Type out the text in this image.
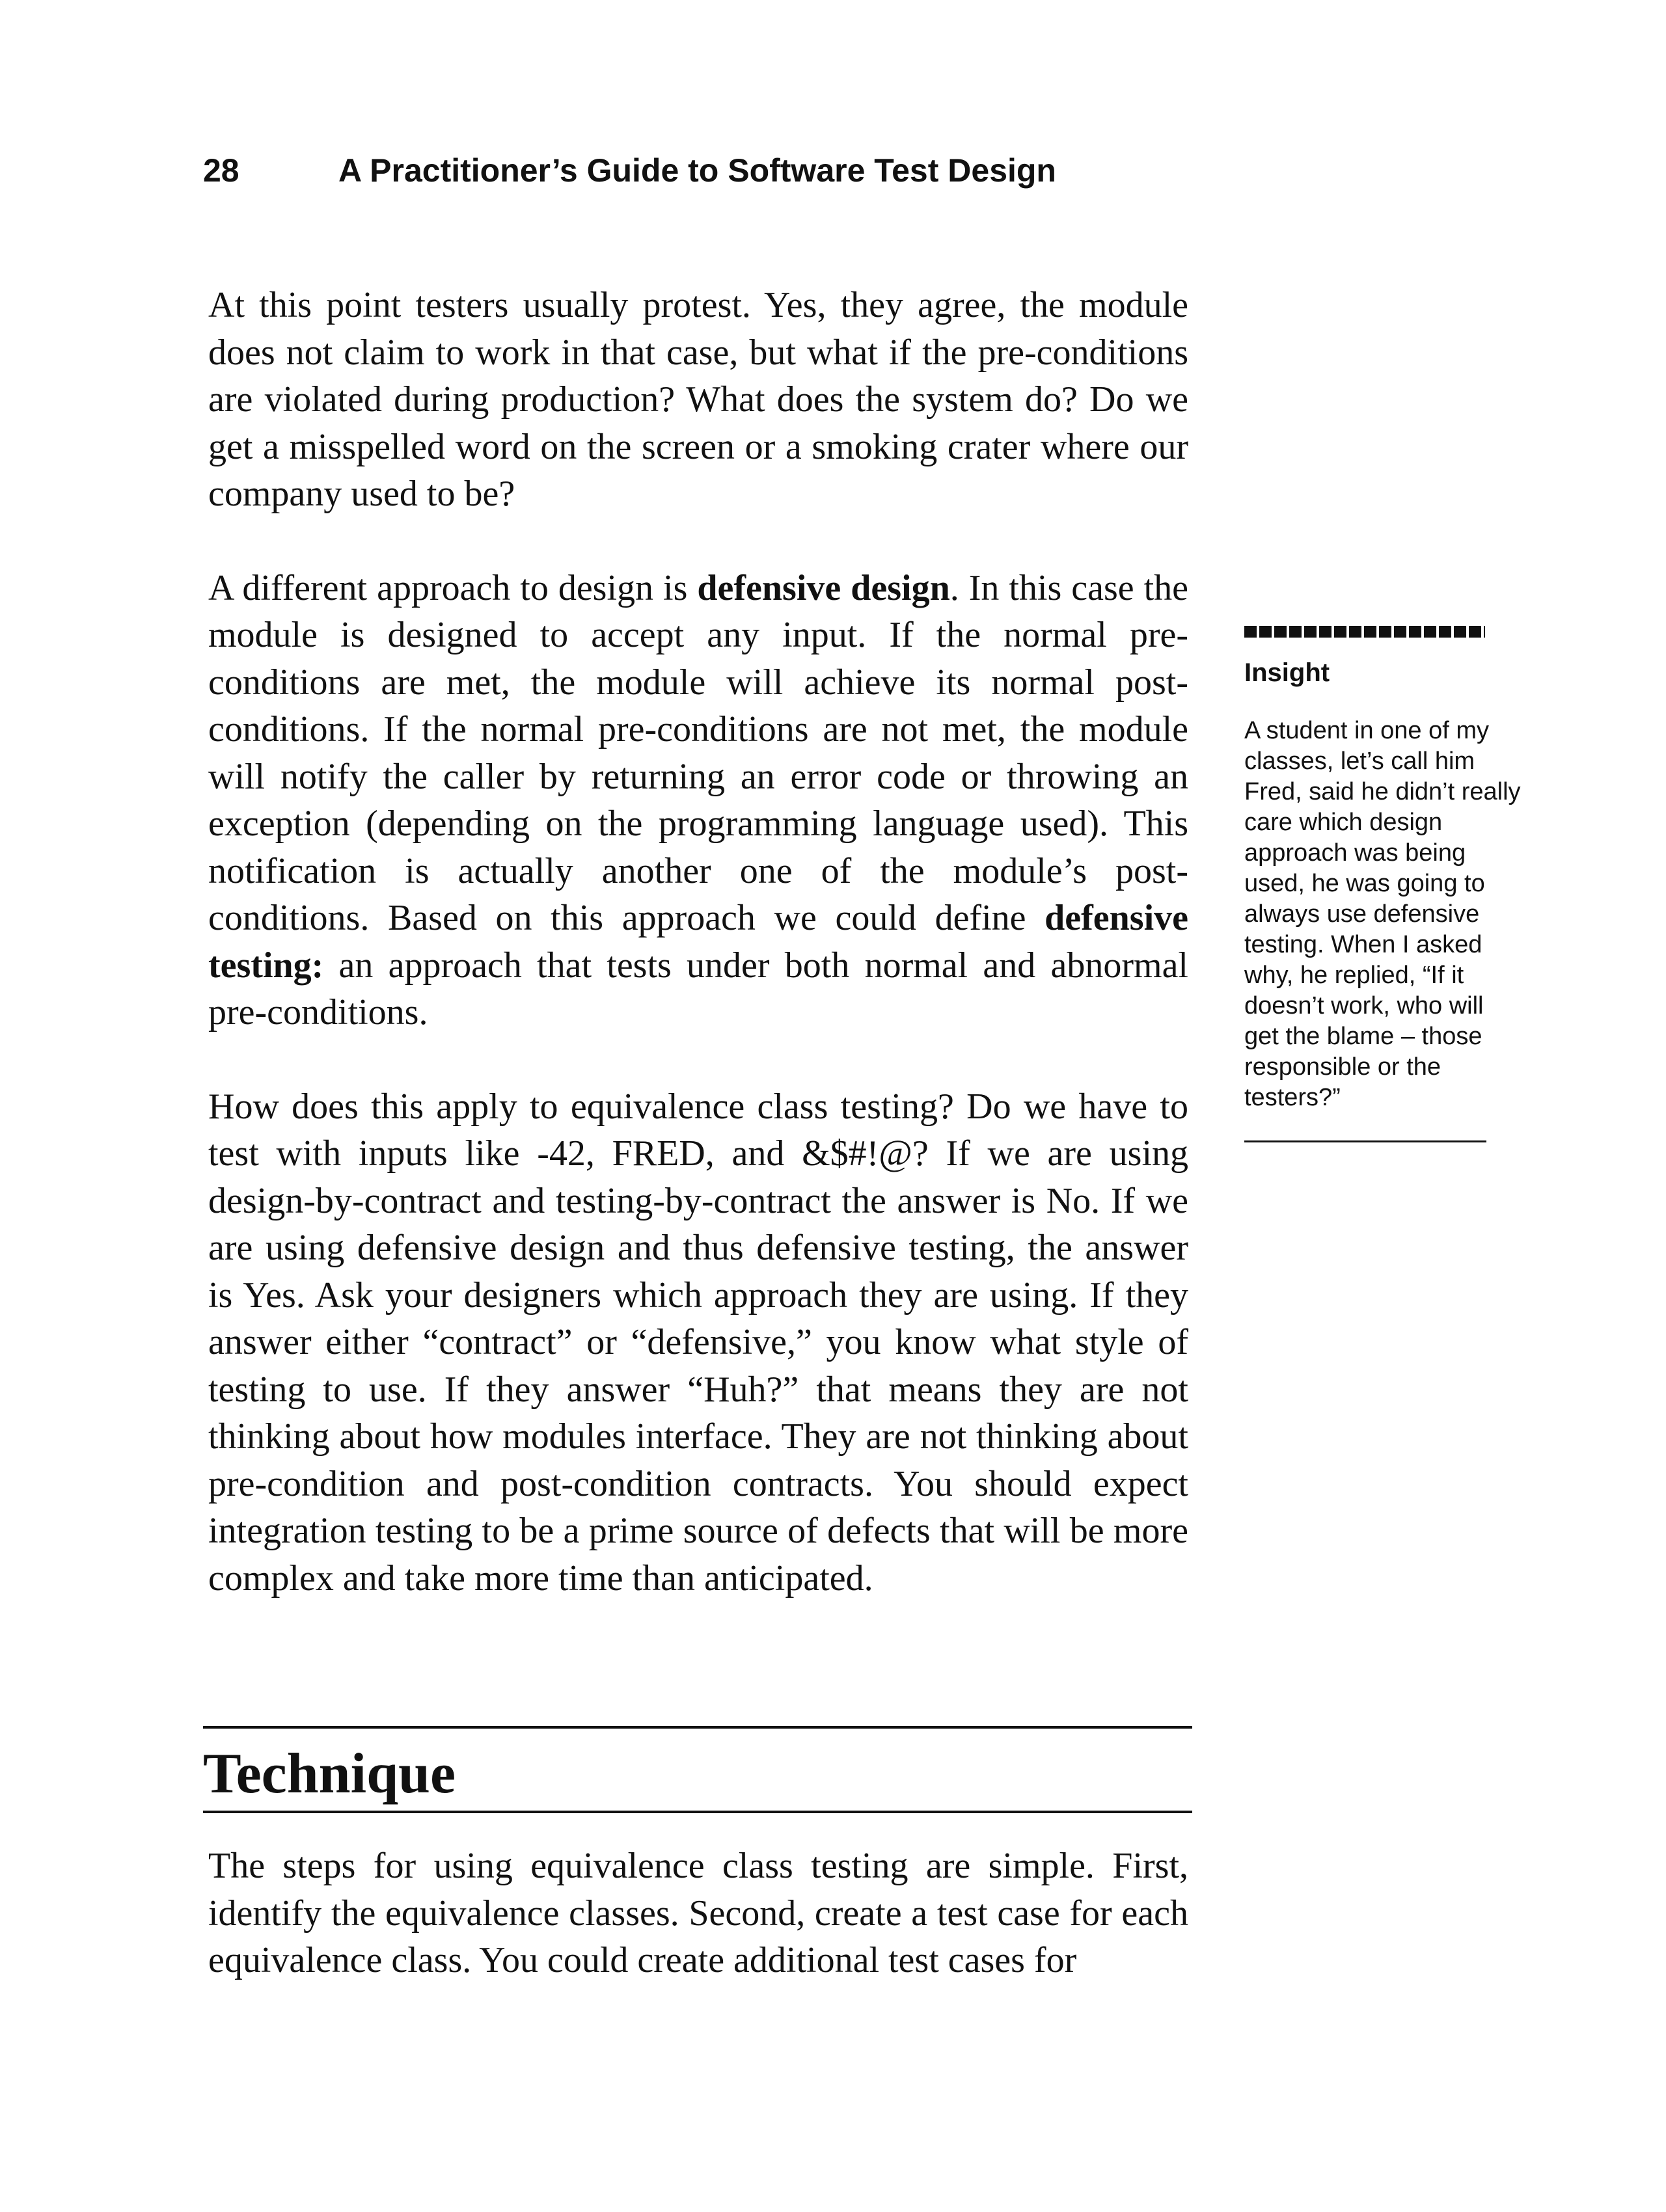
28	A Practitioner’s Guide to Software Test Design

At this point testers usually protest. Yes, they agree, the module does not claim to work in that case, but what if the pre-conditions are violated during production? What does the system do? Do we get a misspelled word on the screen or a smoking crater where our company used to be?

A different approach to design is defensive design. In this case the module is designed to accept any input. If the normal pre-conditions are met, the module will achieve its normal post-conditions. If the normal pre-conditions are not met, the module will notify the caller by returning an error code or throwing an exception (depending on the programming language used). This notification is actually another one of the module’s post-conditions. Based on this approach we could define defensive testing: an approach that tests under both normal and abnormal pre-conditions.

How does this apply to equivalence class testing? Do we have to test with inputs like -42, FRED, and &$#!@? If we are using design-by-contract and testing-by-contract the answer is No. If we are using defensive design and thus defensive testing, the answer is Yes. Ask your designers which approach they are using. If they answer either “contract” or “defensive,” you know what style of testing to use. If they answer “Huh?” that means they are not thinking about how modules interface. They are not thinking about pre-condition and post-condition contracts. You should expect integration testing to be a prime source of defects that will be more complex and take more time than anticipated.

Technique

The steps for using equivalence class testing are simple. First, identify the equivalence classes. Second, create a test case for each equivalence class. You could create additional test cases for

Insight
A student in one of my classes, let’s call him Fred, said he didn’t really care which design approach was being used, he was going to always use defensive testing. When I asked why, he replied, “If it doesn’t work, who will get the blame – those responsible or the testers?”
